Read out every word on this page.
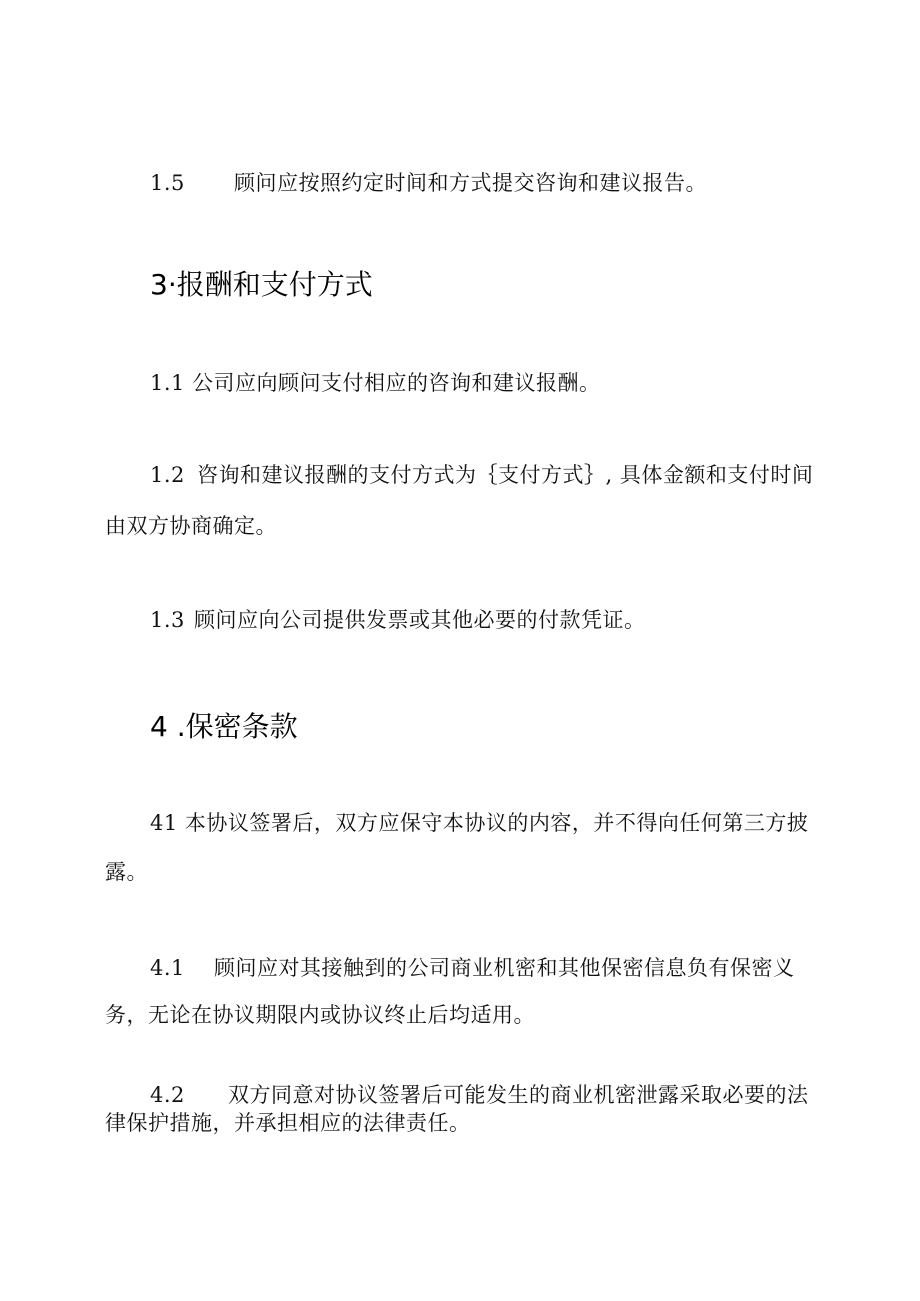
1.5 顾问应按照约定时间和方式提交咨询和建议报告。
3·报酬和支付方式
1.1 公司应向顾问支付相应的咨询和建议报酬。
1.2 咨询和建议报酬的支付方式为｛支付方式｝, 具体金额和支付时间
由双方协商确定。
1.3 顾问应向公司提供发票或其他必要的付款凭证。
4 .保密条款
41 本协议签署后，双方应保守本协议的内容，并不得向任何第三方披
露。
4.1 顾问应对其接触到的公司商业机密和其他保密信息负有保密义
务，无论在协议期限内或协议终止后均适用。
4.2 双方同意对协议签署后可能发生的商业机密泄露采取必要的法
律保护措施，并承担相应的法律责任。
